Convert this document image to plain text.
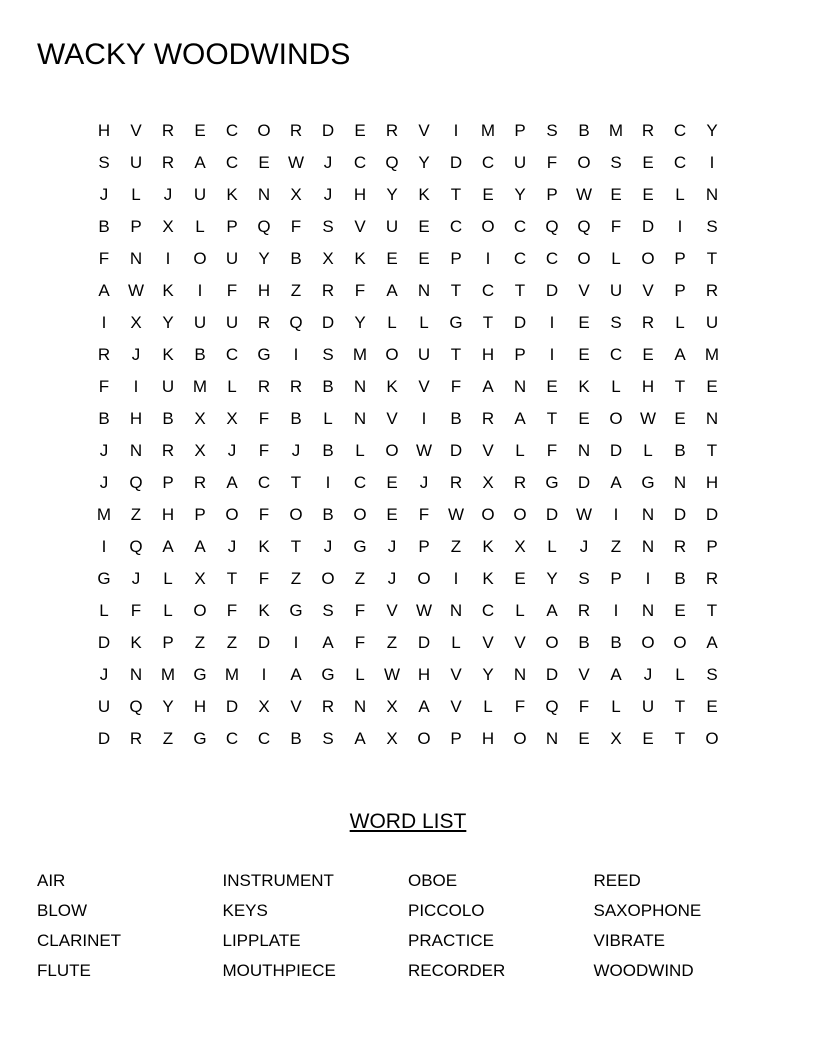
WACKY WOODWINDS
H	V	R	E	C	O	R	D	E	R	V	I	M	P	S	B	M	R	C	Y
S	U	R	A	C	E	W	J	C	Q	Y	D	C	U	F	O	S	E	C	I
J	L	J	U	K	N	X	J	H	Y	K	T	E	Y	P	W	E	E	L	N
B	P	X	L	P	Q	F	S	V	U	E	C	O	C	Q	Q	F	D	I	S
F	N	I	O	U	Y	B	X	K	E	E	P	I	C	C	O	L	O	P	T
A	W	K	I	F	H	Z	R	F	A	N	T	C	T	D	V	U	V	P	R
I	X	Y	U	U	R	Q	D	Y	L	L	G	T	D	I	E	S	R	L	U
R	J	K	B	C	G	I	S	M	O	U	T	H	P	I	E	C	E	A	M
F	I	U	M	L	R	R	B	N	K	V	F	A	N	E	K	L	H	T	E
B	H	B	X	X	F	B	L	N	V	I	B	R	A	T	E	O	W	E	N
J	N	R	X	J	F	J	B	L	O	W	D	V	L	F	N	D	L	B	T
J	Q	P	R	A	C	T	I	C	E	J	R	X	R	G	D	A	G	N	H
M	Z	H	P	O	F	O	B	O	E	F	W	O	O	D	W	I	N	D	D
I	Q	A	A	J	K	T	J	G	J	P	Z	K	X	L	J	Z	N	R	P
G	J	L	X	T	F	Z	O	Z	J	O	I	K	E	Y	S	P	I	B	R
L	F	L	O	F	K	G	S	F	V	W	N	C	L	A	R	I	N	E	T
D	K	P	Z	Z	D	I	A	F	Z	D	L	V	V	O	B	B	O	O	A
J	N	M	G	M	I	A	G	L	W	H	V	Y	N	D	V	A	J	L	S
U	Q	Y	H	D	X	V	R	N	X	A	V	L	F	Q	F	L	U	T	E
D	R	Z	G	C	C	B	S	A	X	O	P	H	O	N	E	X	E	T	O
WORD LIST
AIR
BLOW
CLARINET
FLUTE
INSTRUMENT
KEYS
LIPPLATE
MOUTHPIECE
OBOE
PICCOLO
PRACTICE
RECORDER
REED
SAXOPHONE
VIBRATE
WOODWIND
